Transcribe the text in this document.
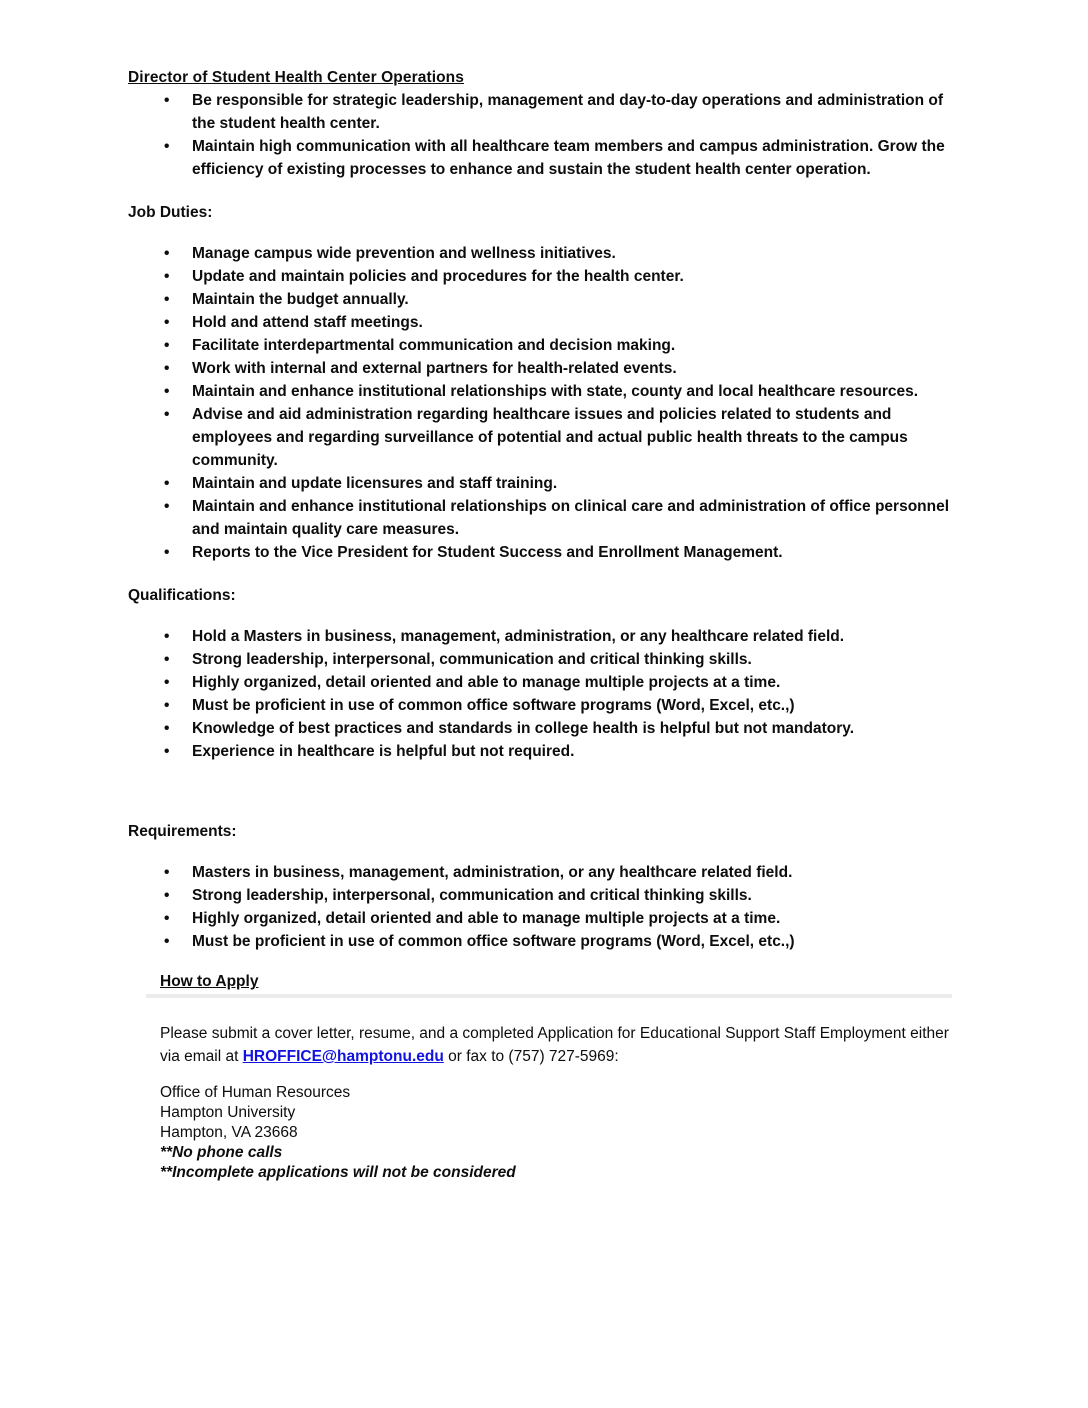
Director of Student Health Center Operations
• Be responsible for strategic leadership, management and day-to-day operations and administration of the student health center.
• Maintain high communication with all healthcare team members and campus administration. Grow the efficiency of existing processes to enhance and sustain the student health center operation.
Job Duties:
• Manage campus wide prevention and wellness initiatives.
• Update and maintain policies and procedures for the health center.
• Maintain the budget annually.
• Hold and attend staff meetings.
• Facilitate interdepartmental communication and decision making.
• Work with internal and external partners for health-related events.
• Maintain and enhance institutional relationships with state, county and local healthcare resources.
• Advise and aid administration regarding healthcare issues and policies related to students and employees and regarding surveillance of potential and actual public health threats to the campus community.
• Maintain and update licensures and staff training.
• Maintain and enhance institutional relationships on clinical care and administration of office personnel and maintain quality care measures.
• Reports to the Vice President for Student Success and Enrollment Management.
Qualifications:
• Hold a Masters in business, management, administration, or any healthcare related field.
• Strong leadership, interpersonal, communication and critical thinking skills.
• Highly organized, detail oriented and able to manage multiple projects at a time.
• Must be proficient in use of common office software programs (Word, Excel, etc.,)
• Knowledge of best practices and standards in college health is helpful but not mandatory.
• Experience in healthcare is helpful but not required.
Requirements:
• Masters in business, management, administration, or any healthcare related field.
• Strong leadership, interpersonal, communication and critical thinking skills.
• Highly organized, detail oriented and able to manage multiple projects at a time.
• Must be proficient in use of common office software programs (Word, Excel, etc.,)
How to Apply

Please submit a cover letter, resume, and a completed Application for Educational Support Staff Employment either via email at HROFFICE@hamptonu.edu or fax to (757) 727-5969:

Office of Human Resources
Hampton University
Hampton, VA 23668
**No phone calls
**Incomplete applications will not be considered
